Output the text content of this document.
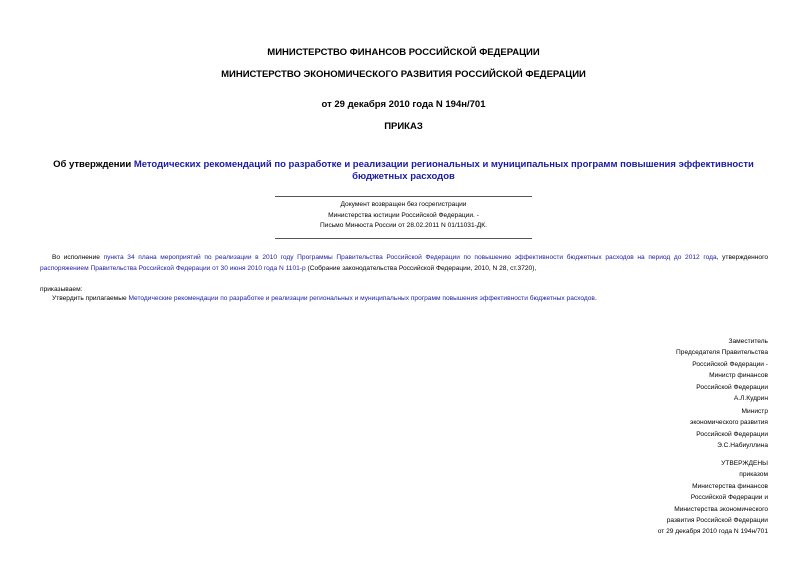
МИНИСТЕРСТВО ФИНАНСОВ РОССИЙСКОЙ ФЕДЕРАЦИИ
МИНИСТЕРСТВО ЭКОНОМИЧЕСКОГО РАЗВИТИЯ РОССИЙСКОЙ ФЕДЕРАЦИИ
от 29 декабря 2010 года N 194н/701
ПРИКАЗ
Об утверждении Методических рекомендаций по разработке и реализации региональных и муниципальных программ повышения эффективности бюджетных расходов
Документ возвращен без госрегистрации
Министерства юстиции Российской Федерации. -
Письмо Минюста России от 28.02.2011 N 01/11031-ДК.
Во исполнение пункта 34 плана мероприятий по реализации в 2010 году Программы Правительства Российской Федерации по повышению эффективности бюджетных расходов на период до 2012 года, утвержденного распоряжением Правительства Российской Федерации от 30 июня 2010 года N 1101-р (Собрание законодательства Российской Федерации, 2010, N 28, ст.3720),
приказываем:
Утвердить прилагаемые Методические рекомендации по разработке и реализации региональных и муниципальных программ повышения эффективности бюджетных расходов.
Заместитель
Председателя Правительства
Российской Федерации -
Министр финансов
Российской Федерации
А.Л.Кудрин
Министр
экономического развития
Российской Федерации
Э.С.Набиуллина
УТВЕРЖДЕНЫ
приказом
Министерства финансов
Российской Федерации и
Министерства экономического
развития Российской Федерации
от 29 декабря 2010 года N 194н/701
